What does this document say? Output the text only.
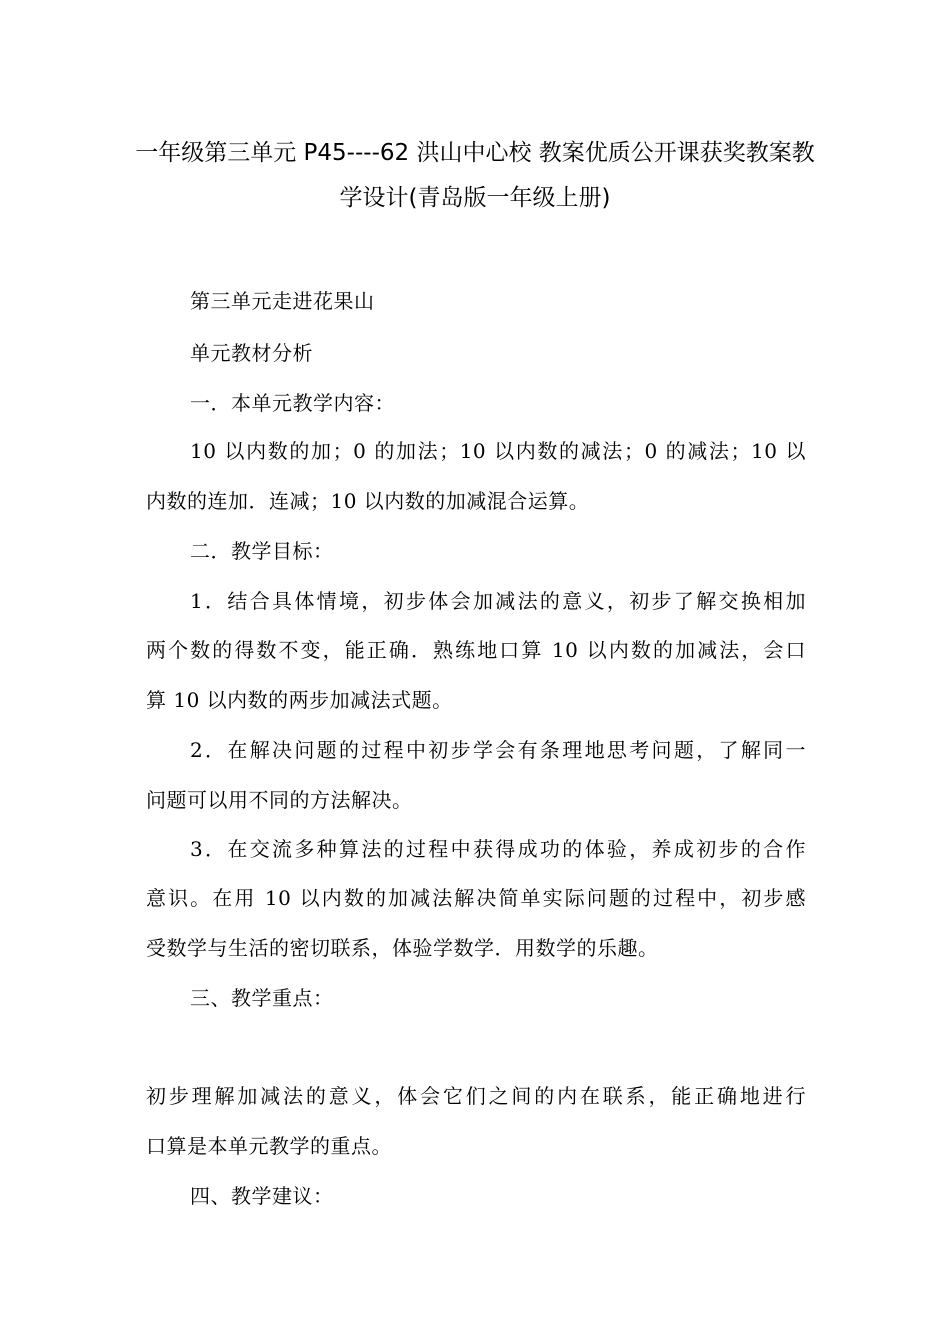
一年级第三单元 P45----62 洪山中心校 教案优质公开课获奖教案教
学设计(青岛版一年级上册)
第三单元走进花果山
单元教材分析
一．本单元教学内容：
10 以内数的加；0 的加法；10 以内数的减法；0 的减法；10 以
内数的连加．连减；10 以内数的加减混合运算。
二．教学目标：
1．结合具体情境，初步体会加减法的意义，初步了解交换相加
两个数的得数不变，能正确．熟练地口算 10 以内数的加减法，会口
算 10 以内数的两步加减法式题。
2．在解决问题的过程中初步学会有条理地思考问题，了解同一
问题可以用不同的方法解决。
3．在交流多种算法的过程中获得成功的体验，养成初步的合作
意识。在用 10 以内数的加减法解决简单实际问题的过程中，初步感
受数学与生活的密切联系，体验学数学．用数学的乐趣。
三、教学重点：
初步理解加减法的意义，体会它们之间的内在联系，能正确地进行
口算是本单元教学的重点。
四、教学建议：
